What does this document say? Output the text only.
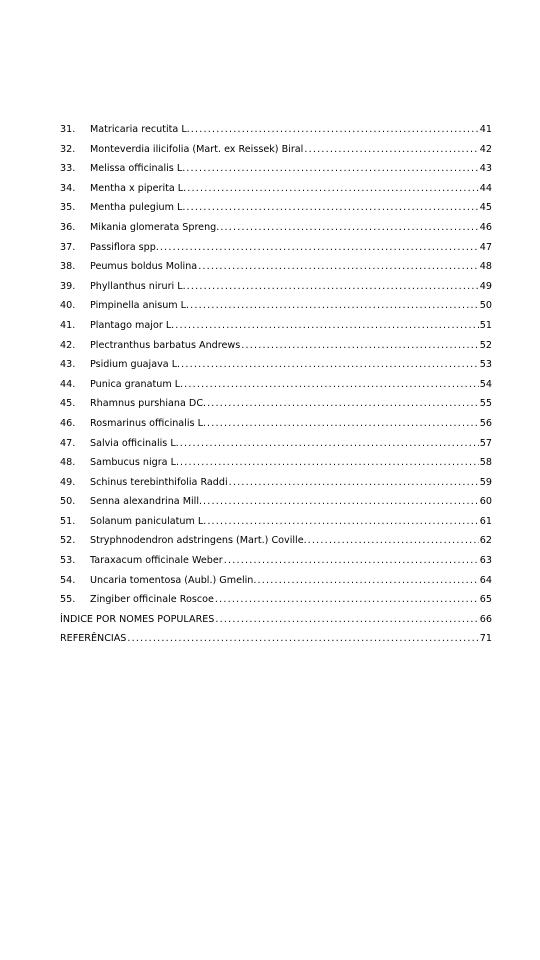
31.	Matricaria recutita L. .....	41
32.	Monteverdia ilicifolia (Mart. ex Reissek) Biral .....	42
33.	Melissa officinalis L. .....	43
34.	Mentha x piperita L. .....	44
35.	Mentha pulegium L. .....	45
36.	Mikania glomerata Spreng. .....	46
37.	Passiflora spp. .....	47
38.	Peumus boldus Molina .....	48
39.	Phyllanthus niruri L. .....	49
40.	Pimpinella anisum L. .....	50
41.	Plantago major L. .....	51
42.	Plectranthus barbatus Andrews .....	52
43.	Psidium guajava L. .....	53
44.	Punica granatum L. .....	54
45.	Rhamnus purshiana DC. .....	55
46.	Rosmarinus officinalis L. .....	56
47.	Salvia officinalis L. .....	57
48.	Sambucus nigra L. .....	58
49.	Schinus terebinthifolia Raddi .....	59
50.	Senna alexandrina Mill. .....	60
51.	Solanum paniculatum L. .....	61
52.	Stryphnodendron adstringens (Mart.) Coville. .....	62
53.	Taraxacum officinale Weber .....	63
54.	Uncaria tomentosa (Aubl.) Gmelin. .....	64
55.	Zingiber officinale Roscoe .....	65
ÍNDICE POR NOMES POPULARES .....	66
REFERÊNCIAS .....	71
